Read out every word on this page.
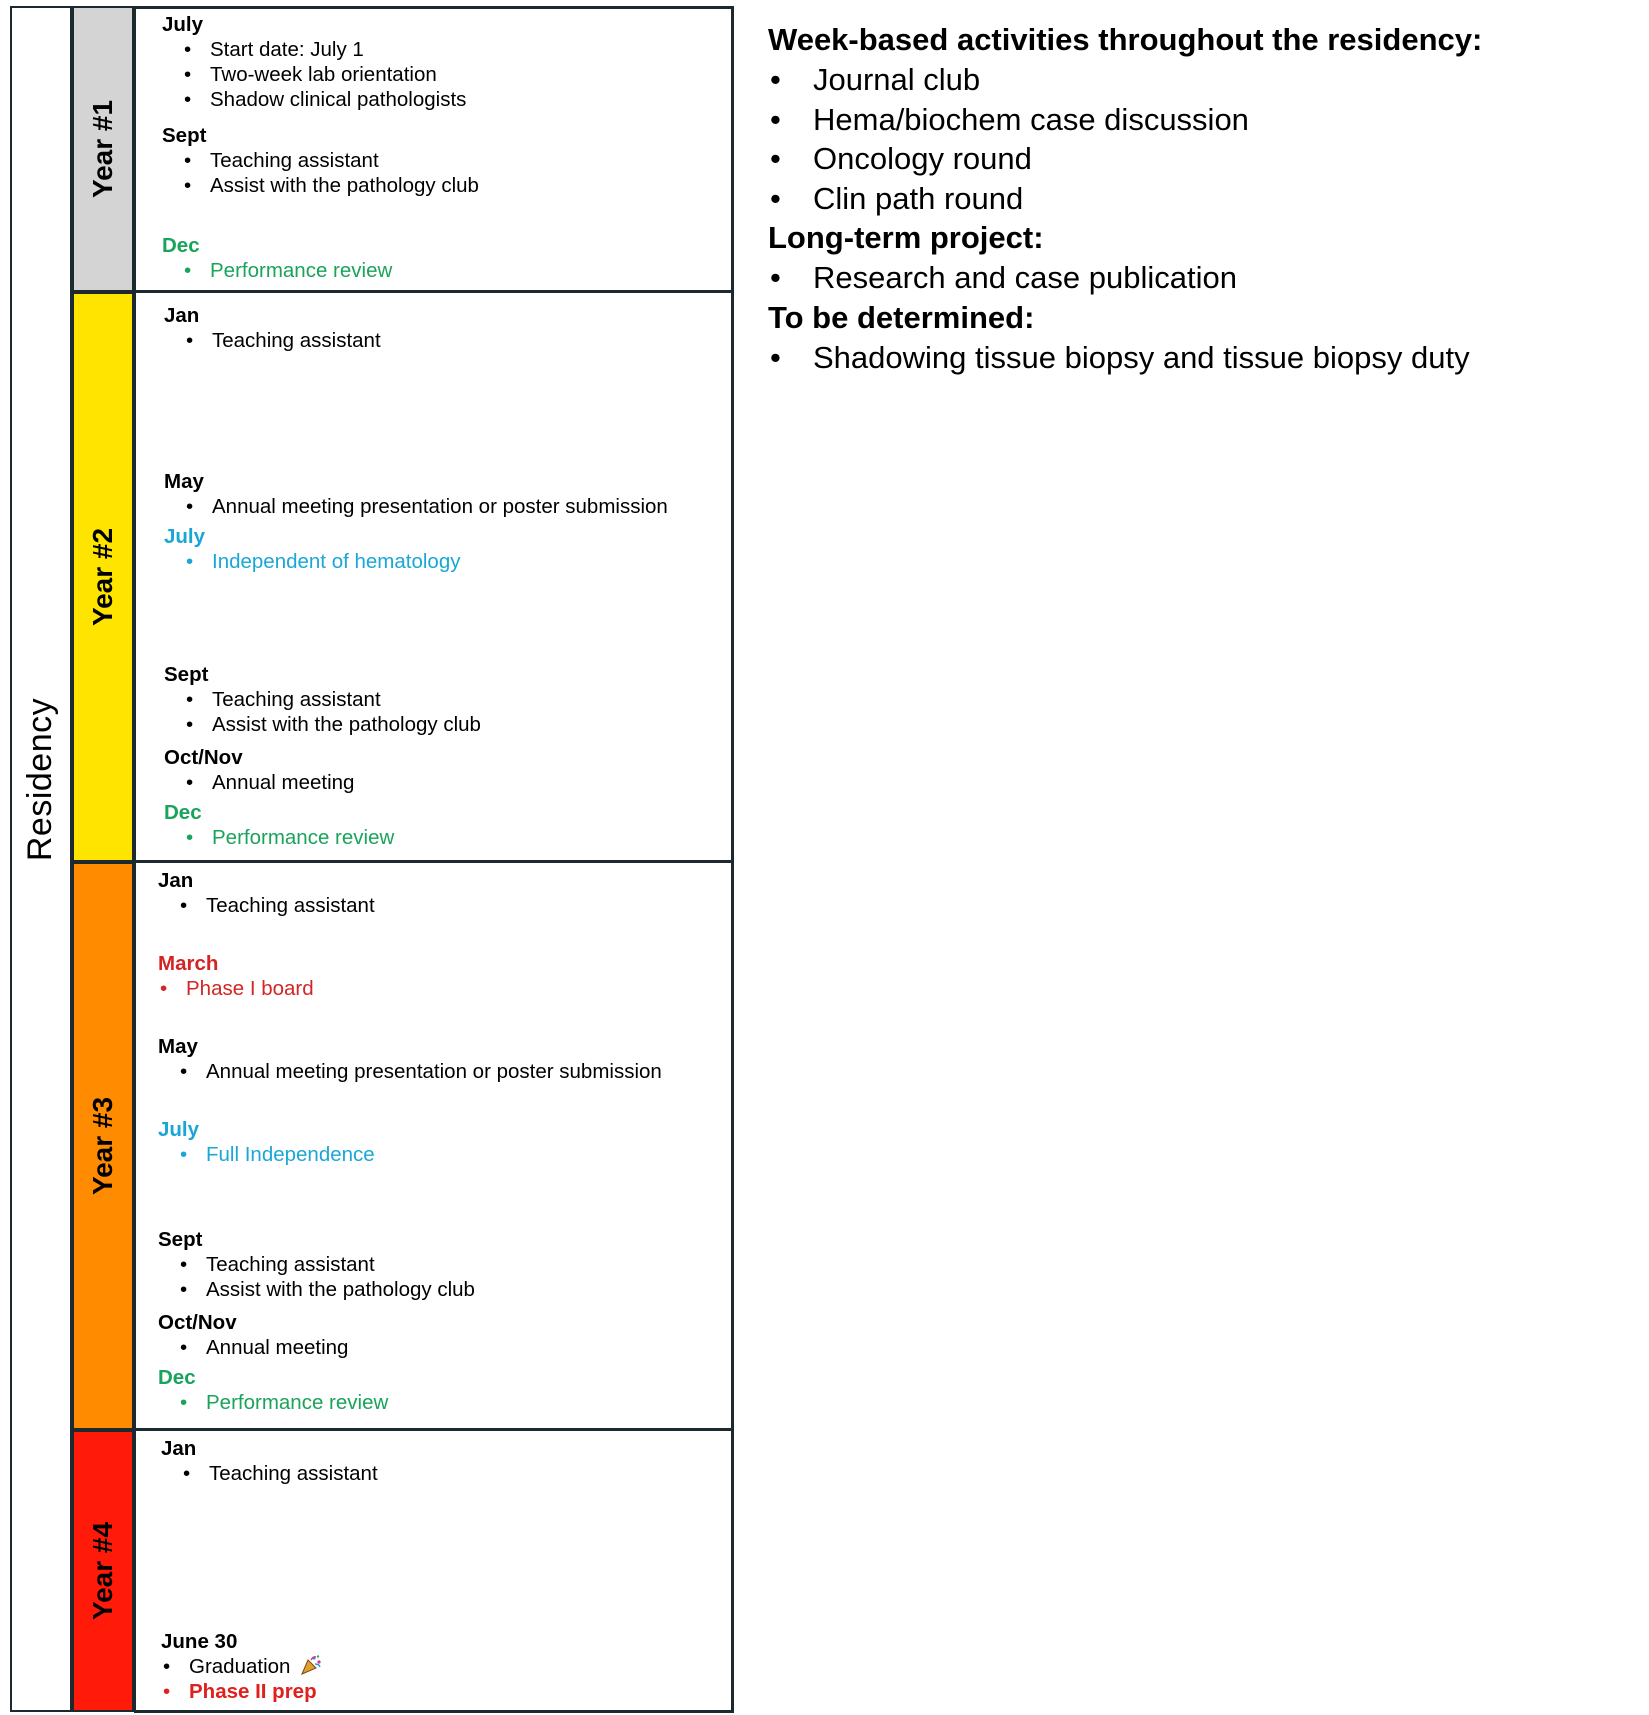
Residency
Year #1
Year #2
Year #3
Year #4
July
• Start date: July 1
• Two-week lab orientation
• Shadow clinical pathologists
Sept
• Teaching assistant
• Assist with the pathology club
Dec
• Performance review
Jan
• Teaching assistant
May
• Annual meeting presentation or poster submission
July
• Independent of hematology
Sept
• Teaching assistant
• Assist with the pathology club
Oct/Nov
• Annual meeting
Dec
• Performance review
Jan
• Teaching assistant
March
• Phase I board
May
• Annual meeting presentation or poster submission
July
• Full Independence
Sept
• Teaching assistant
• Assist with the pathology club
Oct/Nov
• Annual meeting
Dec
• Performance review
Jan
• Teaching assistant
June 30
• Graduation
• Phase II prep
Week-based activities throughout the residency:
• Journal club
• Hema/biochem case discussion
• Oncology round
• Clin path round
Long-term project:
• Research and case publication
To be determined:
• Shadowing tissue biopsy and tissue biopsy duty
